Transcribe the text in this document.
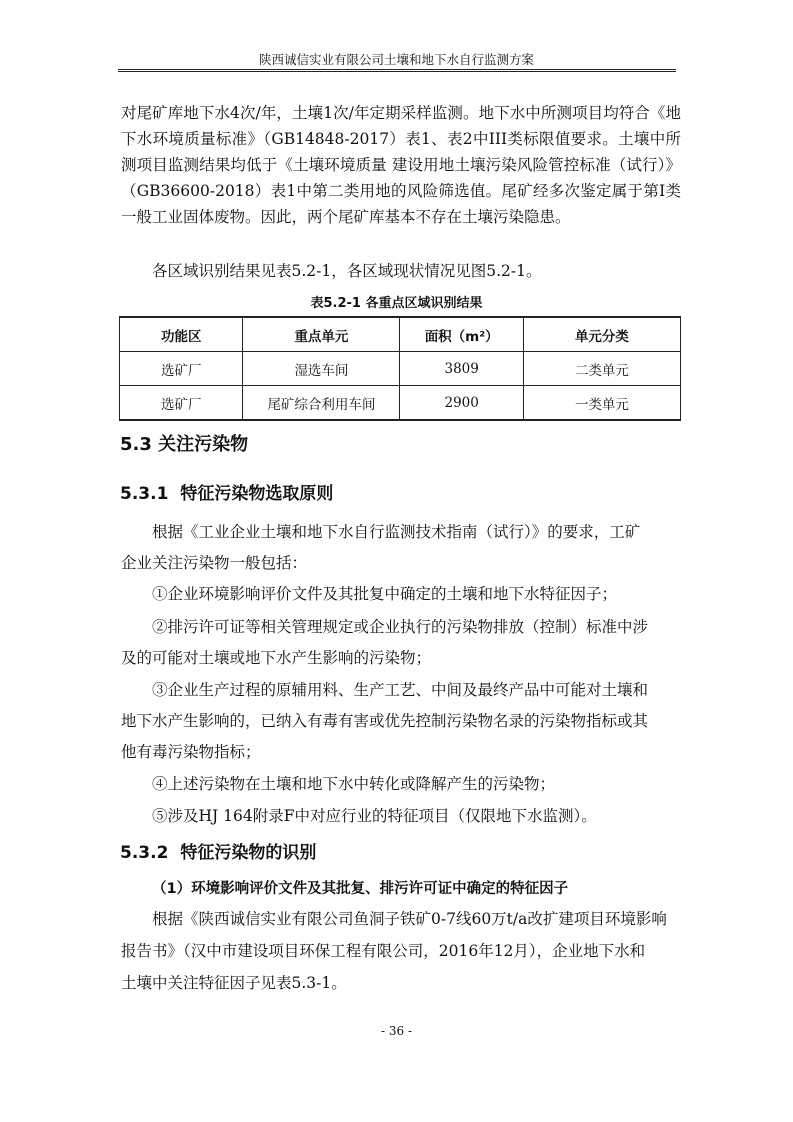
陕西诚信实业有限公司土壤和地下水自行监测方案

对尾矿库地下水4次/年，土壤1次/年定期采样监测。地下水中所测项目均符合《地下水环境质量标准》（GB14848-2017）表1、表2中III类标限值要求。土壤中所测项目监测结果均低于《土壤环境质量 建设用地土壤污染风险管控标准（试行）》（GB36600-2018）表1中第二类用地的风险筛选值。尾矿经多次鉴定属于第I类一般工业固体废物。因此，两个尾矿库基本不存在土壤污染隐患。

各区域识别结果见表5.2-1，各区域现状情况见图5.2-1。
表5.2-1 各重点区域识别结果
功能区	重点单元	面积（m²）	单元分类
选矿厂	湿选车间	3809	二类单元
选矿厂	尾矿综合利用车间	2900	一类单元
5.3 关注污染物
5.3.1 特征污染物选取原则
根据《工业企业土壤和地下水自行监测技术指南（试行）》的要求，工矿
企业关注污染物一般包括：
①企业环境影响评价文件及其批复中确定的土壤和地下水特征因子；
②排污许可证等相关管理规定或企业执行的污染物排放（控制）标准中涉
及的可能对土壤或地下水产生影响的污染物；
③企业生产过程的原辅用料、生产工艺、中间及最终产品中可能对土壤和
地下水产生影响的，已纳入有毒有害或优先控制污染物名录的污染物指标或其
他有毒污染物指标；
④上述污染物在土壤和地下水中转化或降解产生的污染物；
⑤涉及HJ 164附录F中对应行业的特征项目（仅限地下水监测）。
5.3.2 特征污染物的识别
（1）环境影响评价文件及其批复、排污许可证中确定的特征因子
根据《陕西诚信实业有限公司鱼洞子铁矿0-7线60万t/a改扩建项目环境影响
报告书》（汉中市建设项目环保工程有限公司，2016年12月），企业地下水和
土壤中关注特征因子见表5.3-1。
- 36 -
